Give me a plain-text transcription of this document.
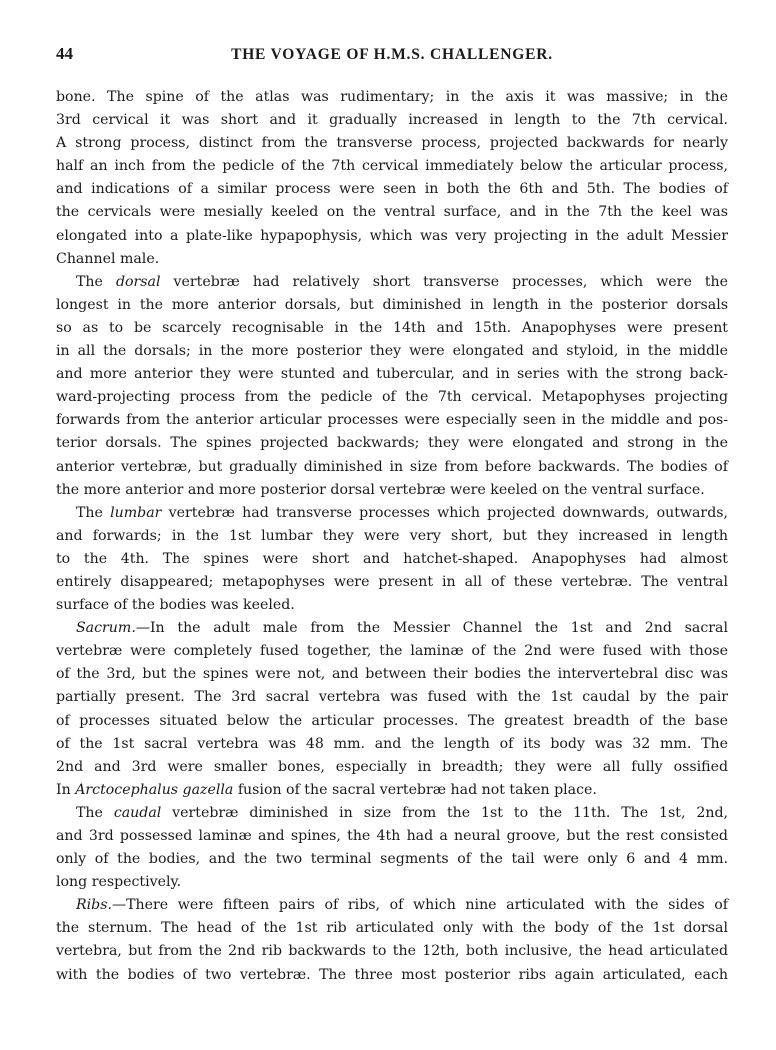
44	THE VOYAGE OF H.M.S. CHALLENGER.
bone. The spine of the atlas was rudimentary; in the axis it was massive; in the
3rd cervical it was short and it gradually increased in length to the 7th cervical.
A strong process, distinct from the transverse process, projected backwards for nearly
half an inch from the pedicle of the 7th cervical immediately below the articular process,
and indications of a similar process were seen in both the 6th and 5th. The bodies of
the cervicals were mesially keeled on the ventral surface, and in the 7th the keel was
elongated into a plate-like hypapophysis, which was very projecting in the adult Messier
Channel male.
The dorsal vertebræ had relatively short transverse processes, which were the
longest in the more anterior dorsals, but diminished in length in the posterior dorsals
so as to be scarcely recognisable in the 14th and 15th. Anapophyses were present
in all the dorsals; in the more posterior they were elongated and styloid, in the middle
and more anterior they were stunted and tubercular, and in series with the strong back-
ward-projecting process from the pedicle of the 7th cervical. Metapophyses projecting
forwards from the anterior articular processes were especially seen in the middle and pos-
terior dorsals. The spines projected backwards; they were elongated and strong in the
anterior vertebræ, but gradually diminished in size from before backwards. The bodies of
the more anterior and more posterior dorsal vertebræ were keeled on the ventral surface.
The lumbar vertebræ had transverse processes which projected downwards, outwards,
and forwards; in the 1st lumbar they were very short, but they increased in length
to the 4th. The spines were short and hatchet-shaped. Anapophyses had almost
entirely disappeared; metapophyses were present in all of these vertebræ. The ventral
surface of the bodies was keeled.
Sacrum.—In the adult male from the Messier Channel the 1st and 2nd sacral
vertebræ were completely fused together, the laminæ of the 2nd were fused with those
of the 3rd, but the spines were not, and between their bodies the intervertebral disc was
partially present. The 3rd sacral vertebra was fused with the 1st caudal by the pair
of processes situated below the articular processes. The greatest breadth of the base
of the 1st sacral vertebra was 48 mm. and the length of its body was 32 mm. The
2nd and 3rd were smaller bones, especially in breadth; they were all fully ossified
In Arctocephalus gazella fusion of the sacral vertebræ had not taken place.
The caudal vertebræ diminished in size from the 1st to the 11th. The 1st, 2nd,
and 3rd possessed laminæ and spines, the 4th had a neural groove, but the rest consisted
only of the bodies, and the two terminal segments of the tail were only 6 and 4 mm.
long respectively.
Ribs.—There were fifteen pairs of ribs, of which nine articulated with the sides of
the sternum. The head of the 1st rib articulated only with the body of the 1st dorsal
vertebra, but from the 2nd rib backwards to the 12th, both inclusive, the head articulated
with the bodies of two vertebræ. The three most posterior ribs again articulated, each
